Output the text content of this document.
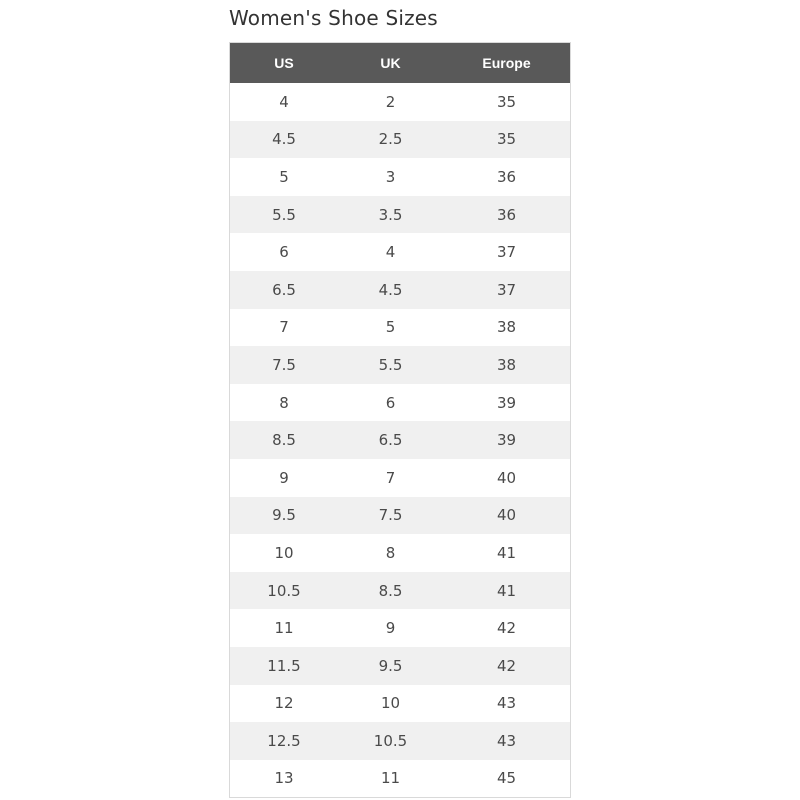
Women's Shoe Sizes
US	UK	Europe
4	2	35
4.5	2.5	35
5	3	36
5.5	3.5	36
6	4	37
6.5	4.5	37
7	5	38
7.5	5.5	38
8	6	39
8.5	6.5	39
9	7	40
9.5	7.5	40
10	8	41
10.5	8.5	41
11	9	42
11.5	9.5	42
12	10	43
12.5	10.5	43
13	11	45
